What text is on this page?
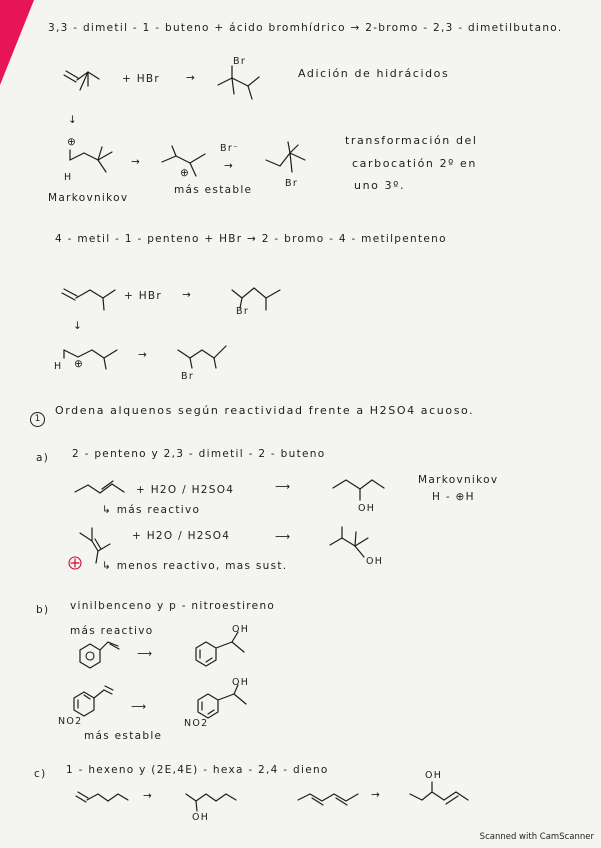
3,3 - dimetil - 1 - buteno + ácido bromhídrico → 2-bromo - 2,3 - dimetilbutano.
+ HBr →
Br
Adición de hidrácidos
↓
⊕
H
Markovnikov
→
Br⁻
→
⊕
más estable
Br
transformación del
carbocatión 2º en
uno 3º.
4 - metil - 1 - penteno + HBr → 2 - bromo - 4 - metilpenteno
+ HBr →
Br
↓
H ⊕
→
Br
1
Ordena alquenos según reactividad frente a H2SO4 acuoso.
a) 2 - penteno y 2,3 - dimetil - 2 - buteno
+ H2O / H2SO4	⟶
↳ más reactivo	OH
Markovnikov
H - ⊕H
+ H2O / H2SO4	⟶
↳ menos reactivo, mas sust.	OH
b) vinilbenceno y p - nitroestireno
más reactivo
⟶
OH
NO2
⟶
OH
NO2
más estable
c) 1 - hexeno y (2E,4E) - hexa - 2,4 - dieno
→
OH
→
OH
Scanned with CamScanner
